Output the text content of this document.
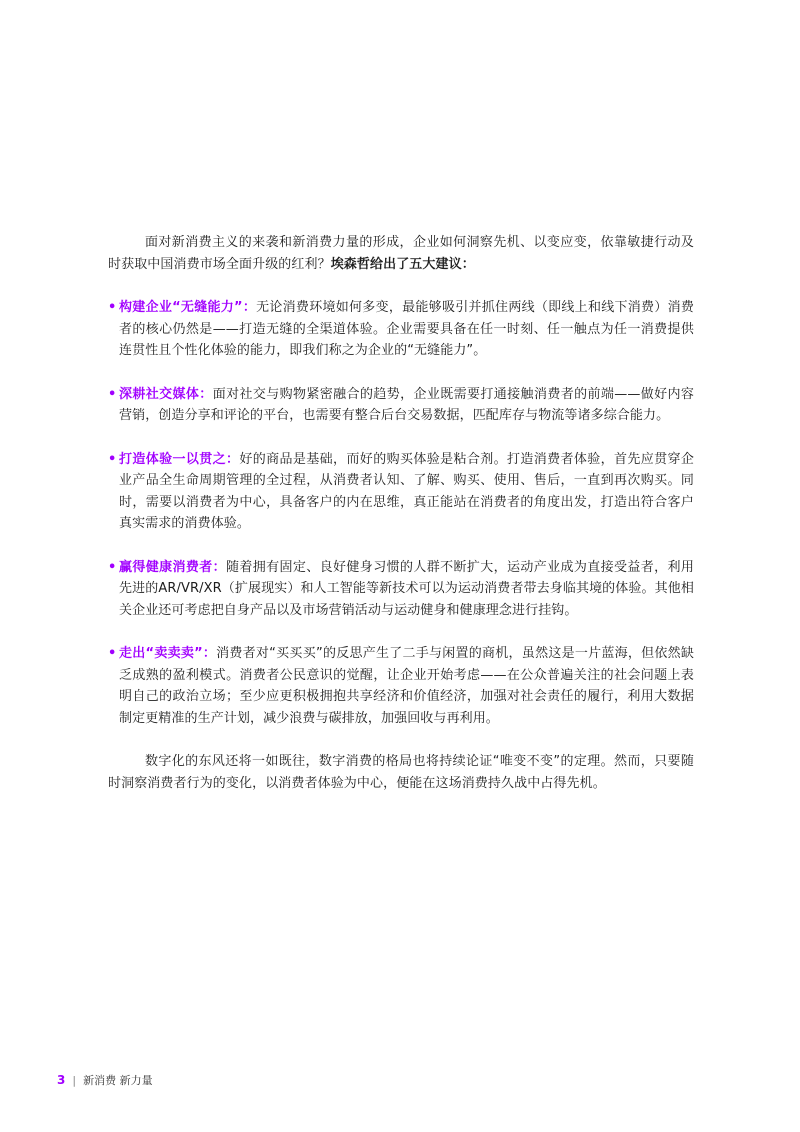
面对新消费主义的来袭和新消费力量的形成，企业如何洞察先机、以变应变，依靠敏捷行动及时获取中国消费市场全面升级的红利？埃森哲给出了五大建议：

• 构建企业“无缝能力”：无论消费环境如何多变，最能够吸引并抓住两线（即线上和线下消费）消费者的核心仍然是——打造无缝的全渠道体验。企业需要具备在任一时刻、任一触点为任一消费提供连贯性且个性化体验的能力，即我们称之为企业的“无缝能力”。
• 深耕社交媒体：面对社交与购物紧密融合的趋势，企业既需要打通接触消费者的前端——做好内容营销，创造分享和评论的平台，也需要有整合后台交易数据，匹配库存与物流等诸多综合能力。
• 打造体验一以贯之：好的商品是基础，而好的购买体验是粘合剂。打造消费者体验，首先应贯穿企业产品全生命周期管理的全过程，从消费者认知、了解、购买、使用、售后，一直到再次购买。同时，需要以消费者为中心，具备客户的内在思维，真正能站在消费者的角度出发，打造出符合客户真实需求的消费体验。
• 赢得健康消费者：随着拥有固定、良好健身习惯的人群不断扩大，运动产业成为直接受益者，利用先进的AR/VR/XR（扩展现实）和人工智能等新技术可以为运动消费者带去身临其境的体验。其他相关企业还可考虑把自身产品以及市场营销活动与运动健身和健康理念进行挂钩。
• 走出“卖卖卖”：消费者对“买买买”的反思产生了二手与闲置的商机，虽然这是一片蓝海，但依然缺乏成熟的盈利模式。消费者公民意识的觉醒，让企业开始考虑——在公众普遍关注的社会问题上表明自己的政治立场；至少应更积极拥抱共享经济和价值经济，加强对社会责任的履行，利用大数据制定更精准的生产计划，减少浪费与碳排放，加强回收与再利用。

数字化的东风还将一如既往，数字消费的格局也将持续论证“唯变不变”的定理。然而，只要随时洞察消费者行为的变化，以消费者体验为中心，便能在这场消费持久战中占得先机。

3 | 新消费 新力量
